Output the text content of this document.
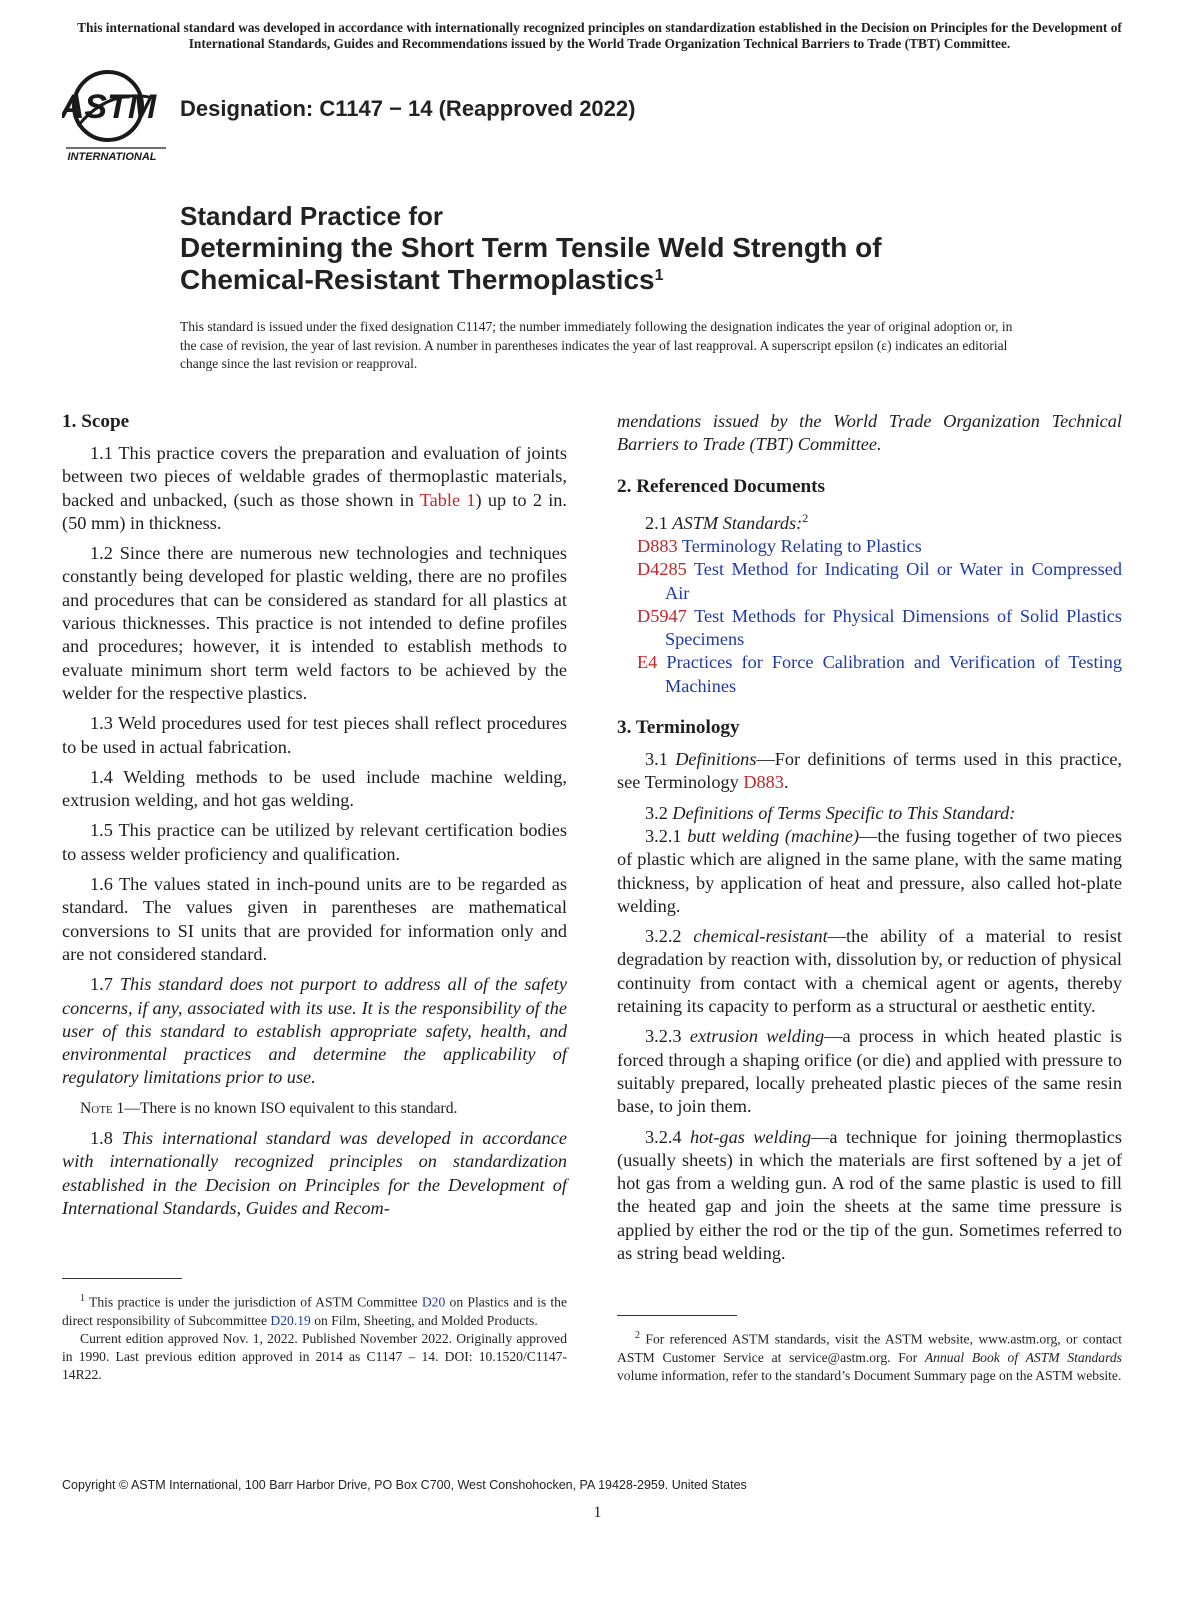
This international standard was developed in accordance with internationally recognized principles on standardization established in the Decision on Principles for the Development of International Standards, Guides and Recommendations issued by the World Trade Organization Technical Barriers to Trade (TBT) Committee.
ASTM
INTERNATIONAL
Designation: C1147 − 14 (Reapproved 2022)
Standard Practice for
Determining the Short Term Tensile Weld Strength of
Chemical-Resistant Thermoplastics$^1$
This standard is issued under the fixed designation C1147; the number immediately following the designation indicates the year of original adoption or, in the case of revision, the year of last revision. A number in parentheses indicates the year of last reapproval. A superscript epsilon (ε) indicates an editorial change since the last revision or reapproval.
1. Scope

1.1 This practice covers the preparation and evaluation of joints between two pieces of weldable grades of thermoplastic materials, backed and unbacked, (such as those shown in Table 1) up to 2 in. (50 mm) in thickness.

1.2 Since there are numerous new technologies and techniques constantly being developed for plastic welding, there are no profiles and procedures that can be considered as standard for all plastics at various thicknesses. This practice is not intended to define profiles and procedures; however, it is intended to establish methods to evaluate minimum short term weld factors to be achieved by the welder for the respective plastics.

1.3 Weld procedures used for test pieces shall reflect procedures to be used in actual fabrication.

1.4 Welding methods to be used include machine welding, extrusion welding, and hot gas welding.

1.5 This practice can be utilized by relevant certification bodies to assess welder proficiency and qualification.

1.6 The values stated in inch-pound units are to be regarded as standard. The values given in parentheses are mathematical conversions to SI units that are provided for information only and are not considered standard.

1.7 This standard does not purport to address all of the safety concerns, if any, associated with its use. It is the responsibility of the user of this standard to establish appropriate safety, health, and environmental practices and determine the applicability of regulatory limitations prior to use.

Note 1—There is no known ISO equivalent to this standard.

1.8 This international standard was developed in accordance with internationally recognized principles on standardization established in the Decision on Principles for the Development of International Standards, Guides and Recom-

mendations issued by the World Trade Organization Technical Barriers to Trade (TBT) Committee.

2. Referenced Documents

2.1 ASTM Standards:$^2$

D883 Terminology Relating to Plastics

D4285 Test Method for Indicating Oil or Water in Compressed Air

D5947 Test Methods for Physical Dimensions of Solid Plastics Specimens

E4 Practices for Force Calibration and Verification of Testing Machines

3. Terminology

3.1 Definitions—For definitions of terms used in this practice, see Terminology D883.

3.2 Definitions of Terms Specific to This Standard:

3.2.1 butt welding (machine)—the fusing together of two pieces of plastic which are aligned in the same plane, with the same mating thickness, by application of heat and pressure, also called hot-plate welding.

3.2.2 chemical-resistant—the ability of a material to resist degradation by reaction with, dissolution by, or reduction of physical continuity from contact with a chemical agent or agents, thereby retaining its capacity to perform as a structural or aesthetic entity.

3.2.3 extrusion welding—a process in which heated plastic is forced through a shaping orifice (or die) and applied with pressure to suitably prepared, locally preheated plastic pieces of the same resin base, to join them.

3.2.4 hot-gas welding—a technique for joining thermoplastics (usually sheets) in which the materials are first softened by a jet of hot gas from a welding gun. A rod of the same plastic is used to fill the heated gap and join the sheets at the same time pressure is applied by either the rod or the tip of the gun. Sometimes referred to as string bead welding.

$^1$ This practice is under the jurisdiction of ASTM Committee D20 on Plastics and is the direct responsibility of Subcommittee D20.19 on Film, Sheeting, and Molded Products.

Current edition approved Nov. 1, 2022. Published November 2022. Originally approved in 1990. Last previous edition approved in 2014 as C1147 – 14. DOI: 10.1520/C1147-14R22.

$^2$ For referenced ASTM standards, visit the ASTM website, www.astm.org, or contact ASTM Customer Service at service@astm.org. For Annual Book of ASTM Standards volume information, refer to the standard’s Document Summary page on the ASTM website.

Copyright © ASTM International, 100 Barr Harbor Drive, PO Box C700, West Conshohocken, PA 19428-2959. United States
1
